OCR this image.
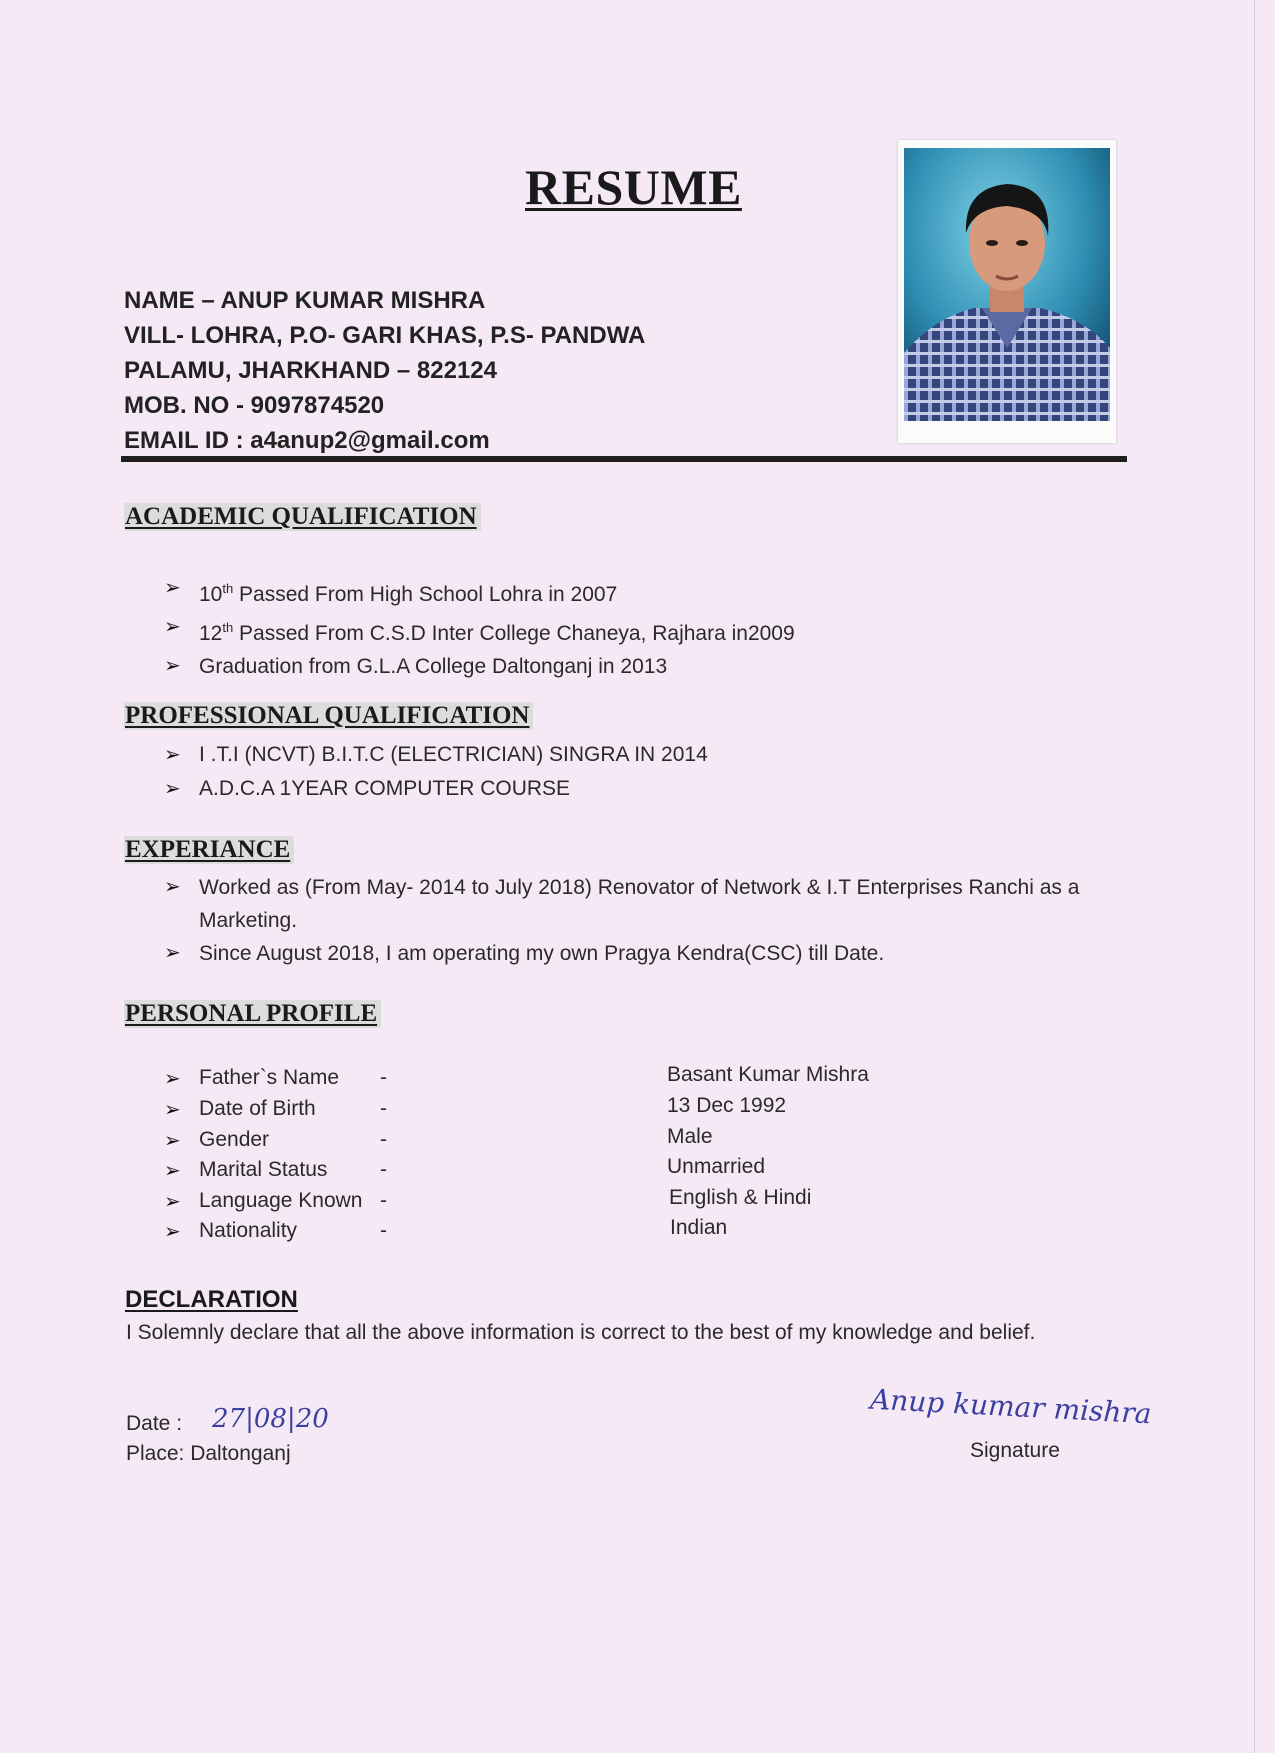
RESUME
NAME – ANUP KUMAR MISHRA
VILL- LOHRA, P.O- GARI KHAS, P.S- PANDWA
PALAMU, JHARKHAND – 822124
MOB. NO - 9097874520
EMAIL ID : a4anup2@gmail.com
ACADEMIC QUALIFICATION
➢ 10th Passed From High School Lohra in 2007
➢ 12th Passed From C.S.D Inter College Chaneya, Rajhara in2009
➢ Graduation from G.L.A College Daltonganj in 2013
PROFESSIONAL QUALIFICATION
➢ I .T.I (NCVT) B.I.T.C (ELECTRICIAN) SINGRA IN 2014
➢ A.D.C.A 1YEAR COMPUTER COURSE
EXPERIANCE
➢ Worked as (From May- 2014 to July 2018) Renovator of Network & I.T Enterprises Ranchi as a Marketing.
➢ Since August 2018, I am operating my own Pragya Kendra(CSC) till Date.
PERSONAL PROFILE
➢ Father`s Name -	Basant Kumar Mishra
➢ Date of Birth	-	13 Dec 1992
➢ Gender	-	Male
➢ Marital Status	-	Unmarried
➢ Language Known -	English & Hindi
➢ Nationality	-	Indian
DECLARATION
I Solemnly declare that all the above information is correct to the best of my knowledge and belief.
Date : 27|08|20
Place: Daltonganj
Anup kumar mishra
Signature
